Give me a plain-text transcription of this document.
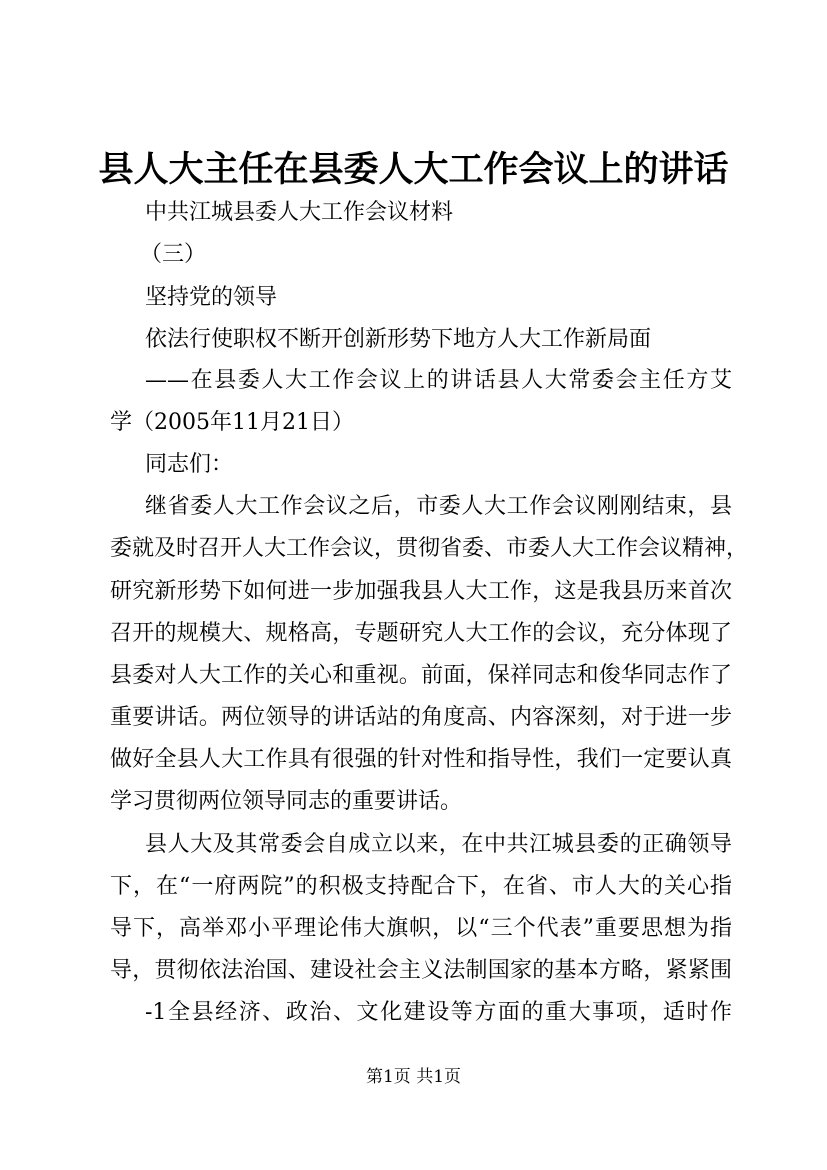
县人大主任在县委人大工作会议上的讲话
中共江城县委人大工作会议材料
（三）
坚持党的领导
依法行使职权不断开创新形势下地方人大工作新局面
——在县委人大工作会议上的讲话县人大常委会主任方艾
学（2005年11月21日）
同志们：
继省委人大工作会议之后，市委人大工作会议刚刚结束，县
委就及时召开人大工作会议，贯彻省委、市委人大工作会议精神，
研究新形势下如何进一步加强我县人大工作，这是我县历来首次
召开的规模大、规格高，专题研究人大工作的会议，充分体现了
县委对人大工作的关心和重视。前面，保祥同志和俊华同志作了
重要讲话。两位领导的讲话站的角度高、内容深刻，对于进一步
做好全县人大工作具有很强的针对性和指导性，我们一定要认真
学习贯彻两位领导同志的重要讲话。
县人大及其常委会自成立以来，在中共江城县委的正确领导
下，在“一府两院”的积极支持配合下，在省、市人大的关心指
导下，高举邓小平理论伟大旗帜，以“三个代表”重要思想为指
导，贯彻依法治国、建设社会主义法制国家的基本方略，紧紧围
-1全县经济、政治、文化建设等方面的重大事项，适时作
第1页 共1页
